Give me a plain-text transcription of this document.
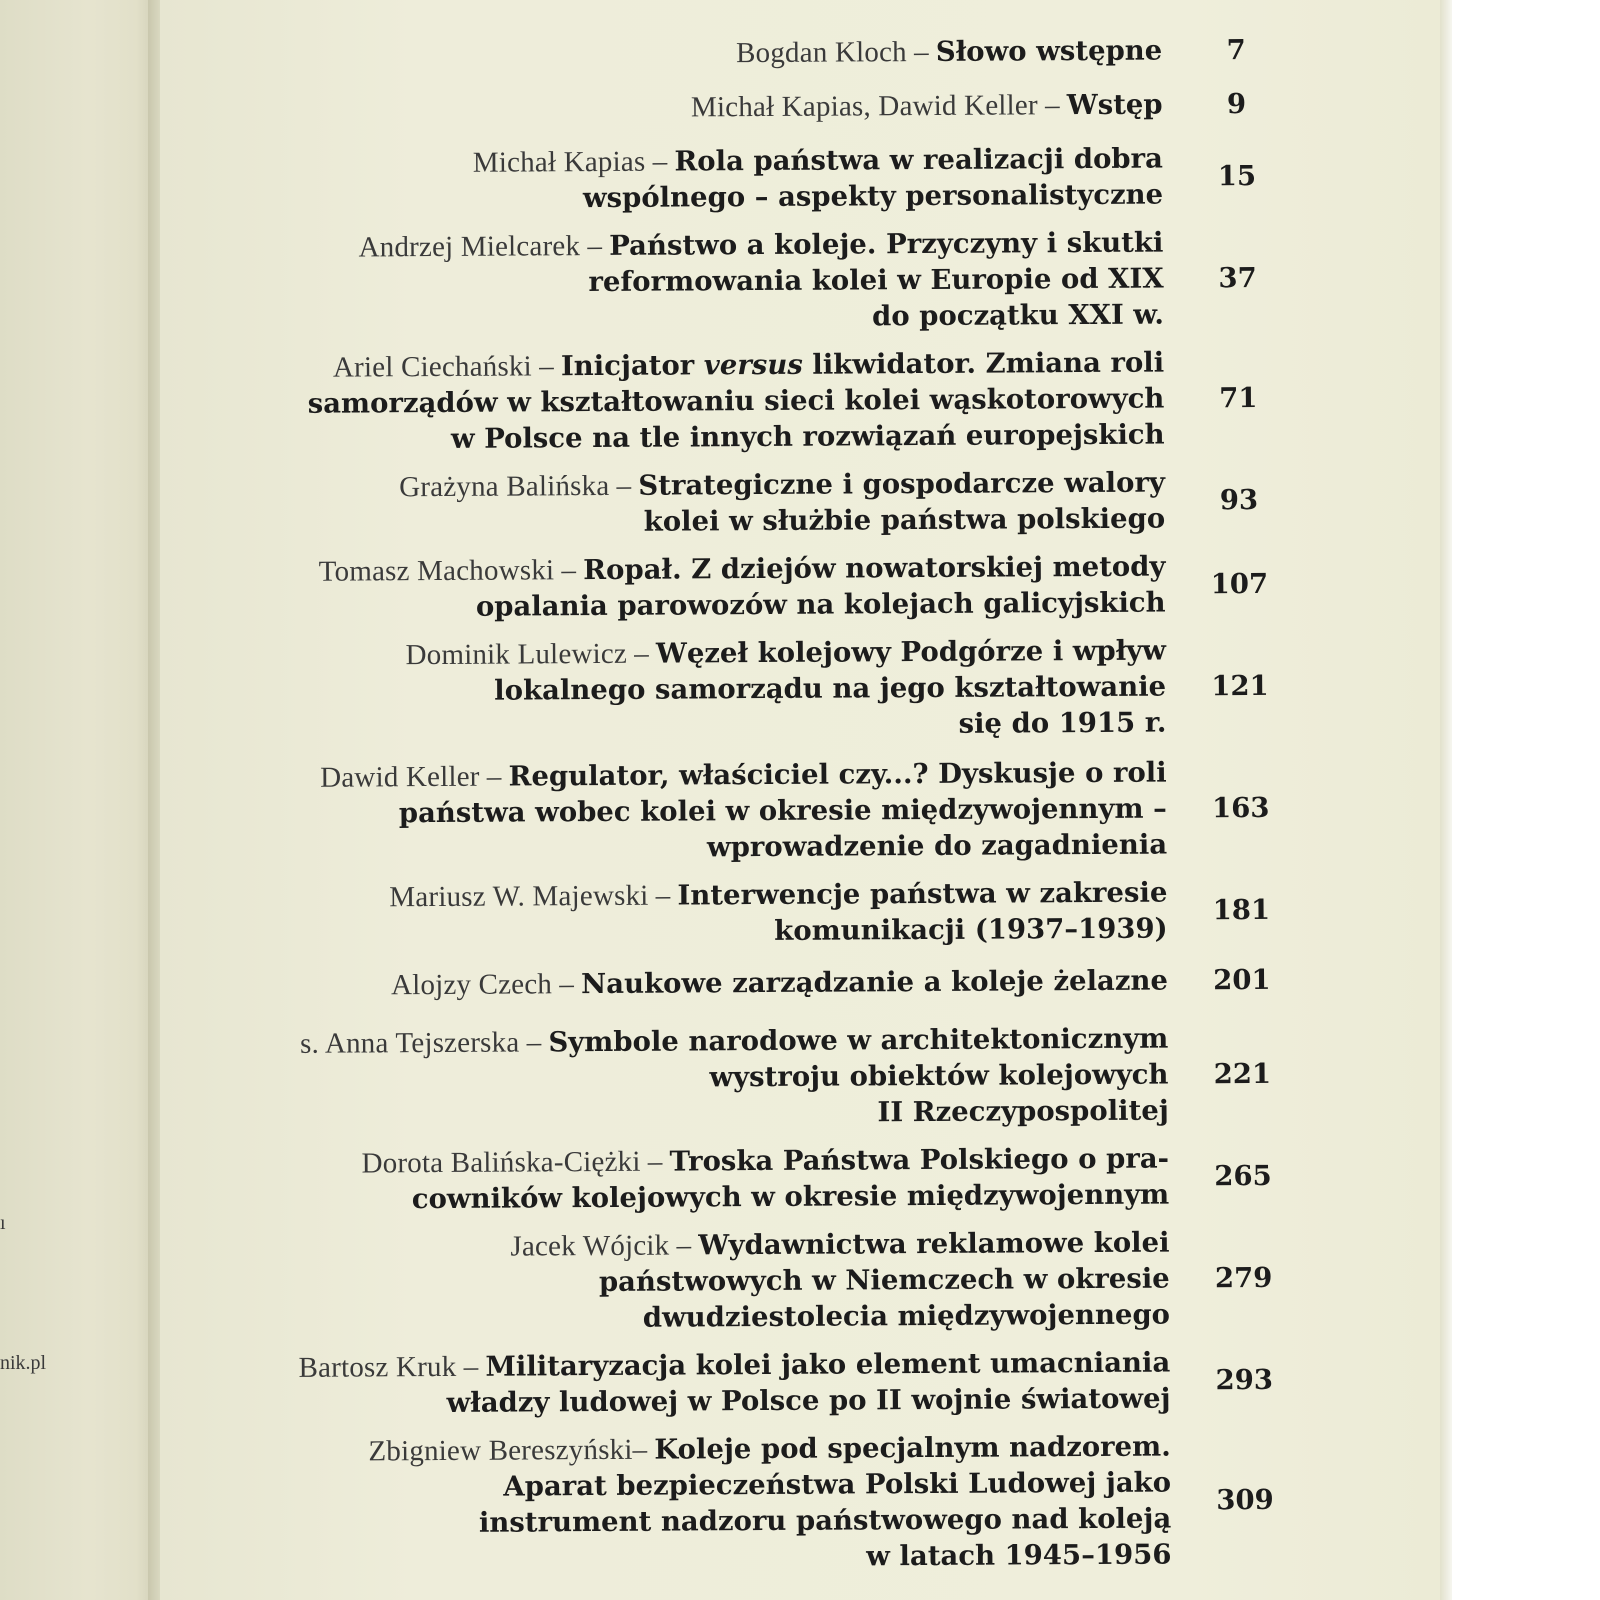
ı
nik.pl
Bogdan Kloch – Słowo wstępne	7
Michał Kapias, Dawid Keller – Wstęp	9
Michał Kapias – Rola państwa w realizacji dobra
wspólnego – aspekty personalistyczne
15
Andrzej Mielcarek – Państwo a koleje. Przyczyny i skutki
reformowania kolei w Europie od XIX
do początku XXI w.
37
Ariel Ciechański – Inicjator versus likwidator. Zmiana roli
samorządów w kształtowaniu sieci kolei wąskotorowych
w Polsce na tle innych rozwiązań europejskich
71
Grażyna Balińska – Strategiczne i gospodarcze walory
kolei w służbie państwa polskiego
93
Tomasz Machowski – Ropał. Z dziejów nowatorskiej metody
opalania parowozów na kolejach galicyjskich
107
Dominik Lulewicz – Węzeł kolejowy Podgórze i wpływ
lokalnego samorządu na jego kształtowanie
się do 1915 r.
121
Dawid Keller – Regulator, właściciel czy...? Dyskusje o roli
państwa wobec kolei w okresie międzywojennym –
wprowadzenie do zagadnienia
163
Mariusz W. Majewski – Interwencje państwa w zakresie
komunikacji (1937–1939)
181
Alojzy Czech – Naukowe zarządzanie a koleje żelazne	201
s. Anna Tejszerska – Symbole narodowe w architektonicznym
wystroju obiektów kolejowych
II Rzeczypospolitej
221
Dorota Balińska-Ciężki – Troska Państwa Polskiego o pra-
cowników kolejowych w okresie międzywojennym
265
Jacek Wójcik – Wydawnictwa reklamowe kolei
państwowych w Niemczech w okresie
dwudziestolecia międzywojennego
279
Bartosz Kruk – Militaryzacja kolei jako element umacniania
władzy ludowej w Polsce po II wojnie światowej
293
Zbigniew Bereszyński– Koleje pod specjalnym nadzorem.
Aparat bezpieczeństwa Polski Ludowej jako
instrument nadzoru państwowego nad koleją
w latach 1945–1956
309
